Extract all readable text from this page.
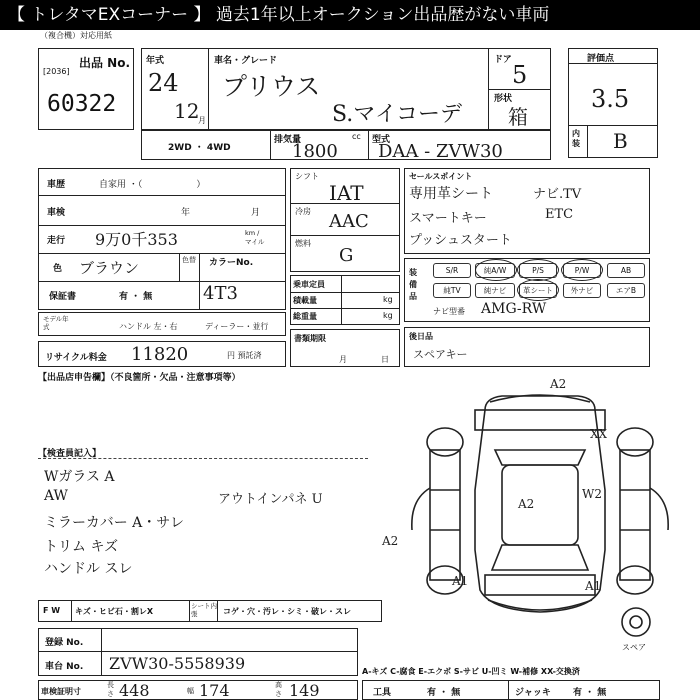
【 トレタマEXコーナー 】 過去1年以上オークション出品歴がない車両
（複合機）対応用紙
出品 No.
[2036]
60322
年式
24
12
月
車名・グレード
プリウス
S.マイコーデ
ドア
5
形状
箱
評価点
3.5
内装 B
2WD ・ 4WD
排気量	cc
1800
型式
DAA - ZVW30
車歴	自家用 ・（　　　　　　）
車検	年	月
走行 9万0千353	km / マイル
色 ブラウン	色替 カラーNo.
保証書	有 ・ 無	4T3
モデル年式	ハンドル 左・右	ディーラー・並行
リサイクル料金 11820	円 預託済
シフト
IAT
冷房 AAC
燃料
G
乗車定員
積載量	kg
総重量	kg
書類期限
月	日
セールスポイント
専用革シート	ナビ.TV
スマートキー	ETC
プッシュスタート
装備品
S/R	純A/W	P/S	P/W	AB
純TV	純ナビ	革シート	外ナビ	エアB
ナビ型番 AMG-RW
後日品
スペアキー
【出品店申告欄】（不良箇所・欠品・注意事項等）
【検査員記入】
Wガラス A
AW
ミラーカバー A・サレ
トリム キズ
ハンドル スレ
アウトインパネ U
A2
XX
A2
W2
A2
A1	A1
スペア
F W キズ・ヒビ石・割レX
シート内張	コゲ・穴・汚レ・シミ・破レ・スレ
登録 No.
車台 No. ZVW30-5558939
車検証明寸
長さ 448	幅 174	高さ 149
A-キズ C-腐食 E-エクボ S-サビ U-凹ミ W-補修 XX-交換済
工具	有 ・ 無	ジャッキ 有 ・ 無
